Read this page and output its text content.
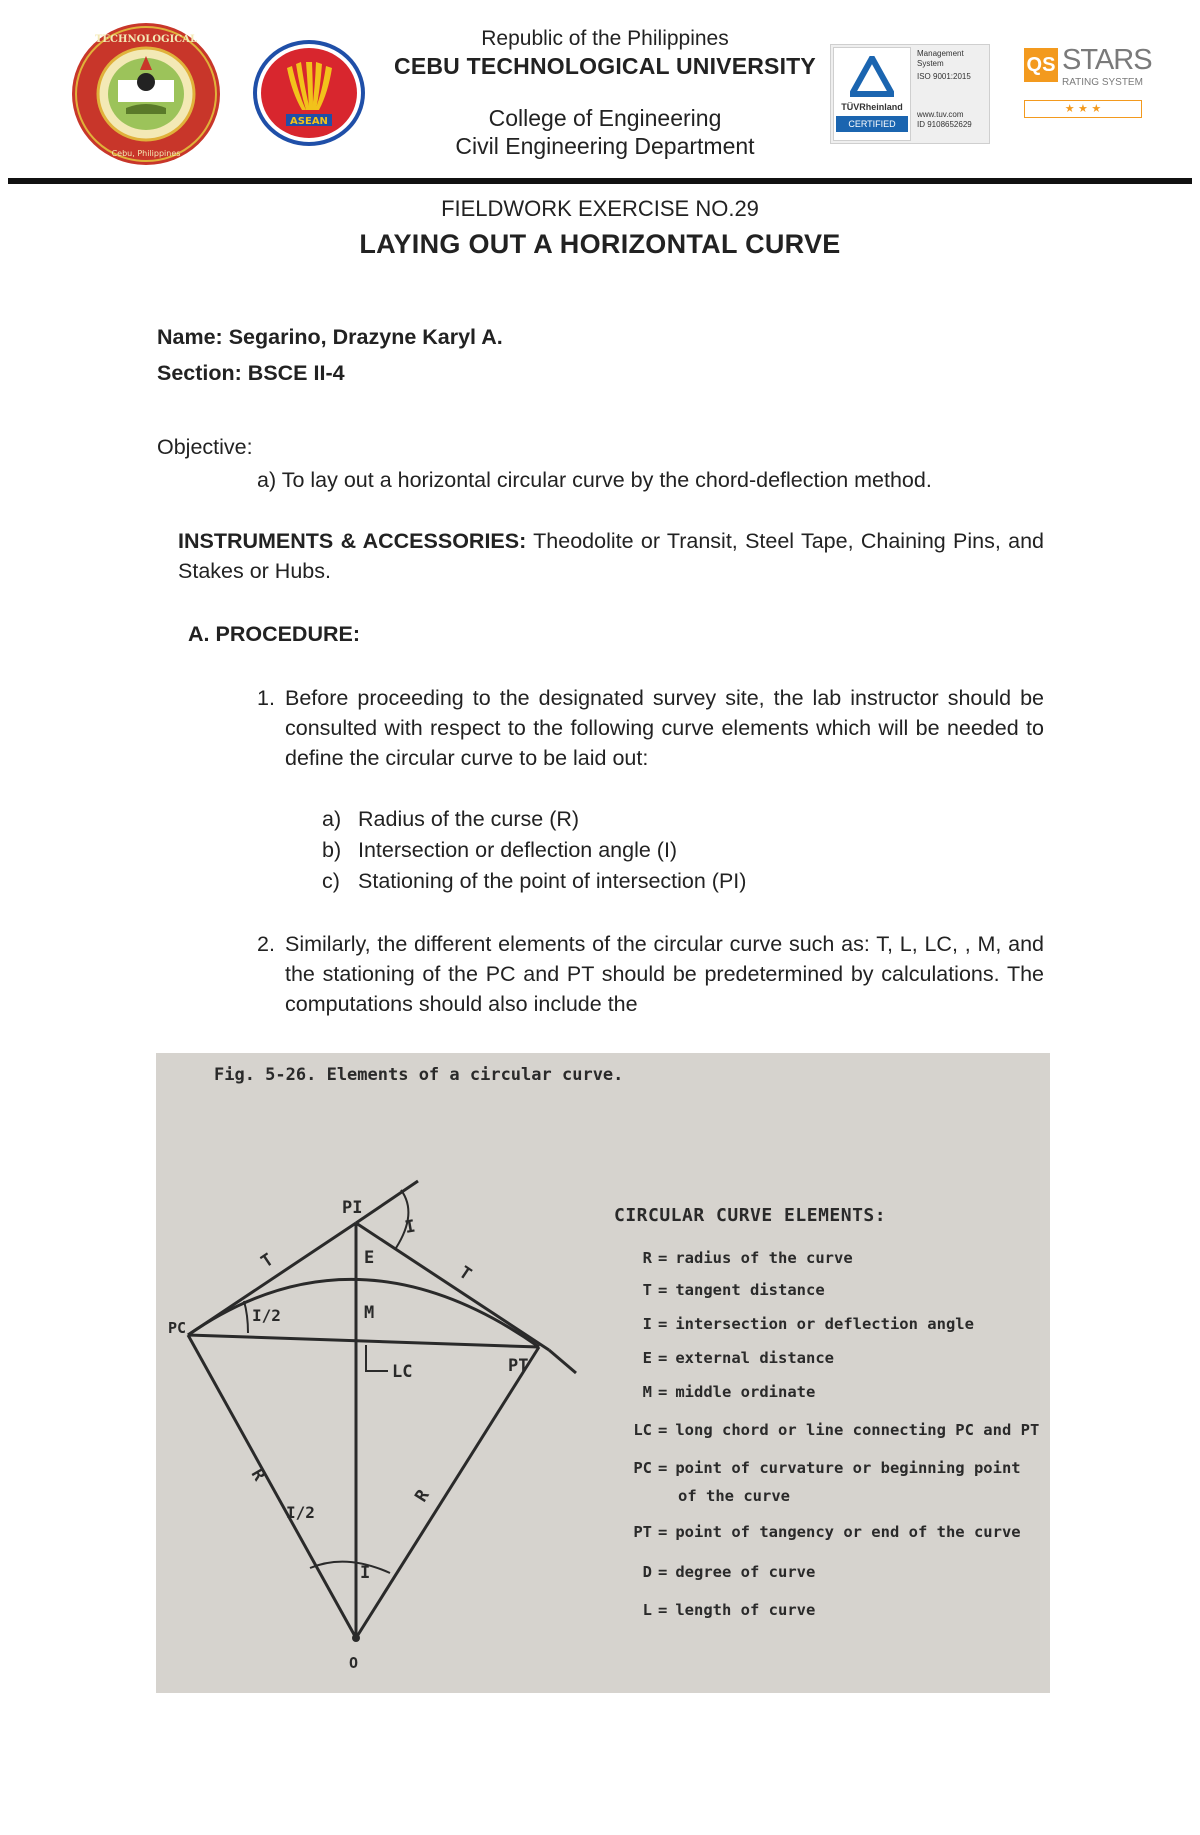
TECHNOLOGICAL
Cebu, Philippines
ASEAN
Republic of the Philippines
CEBU TECHNOLOGICAL UNIVERSITY
College of Engineering
Civil Engineering Department
TÜVRheinland
CERTIFIED
Management
System
ISO 9001:2015
www.tuv.com
ID 9108652629
QS STARS
RATING SYSTEM
★ ★ ★
FIELDWORK EXERCISE NO.29
LAYING OUT A HORIZONTAL CURVE
Name: Segarino, Drazyne Karyl A.
Section: BSCE II-4
Objective:
a) To lay out a horizontal circular curve by the chord-deflection method.
INSTRUMENTS & ACCESSORIES: Theodolite or Transit, Steel Tape, Chaining Pins, and Stakes or Hubs.
A. PROCEDURE:
1. Before proceeding to the designated survey site, the lab instructor should be consulted with respect to the following curve elements which will be needed to define the circular curve to be laid out:
a) Radius of the curse (R)
b) Intersection or deflection angle (I)
c) Stationing of the point of intersection (PI)
2. Similarly, the different elements of the circular curve such as: T, L, LC, , M, and the stationing of the PC and PT should be predetermined by calculations. The computations should also include the
Fig. 5-26. Elements of a circular curve.
PI
PC
PT
O
E
M
LC
T
T
R
R
I
I
I/2
I/2
CIRCULAR CURVE ELEMENTS:
R = radius of the curve
T = tangent distance
I = intersection or deflection angle
E = external distance
M = middle ordinate
LC = long chord or line connecting PC and PT
PC = point of curvature or beginning point
of the curve
PT = point of tangency or end of the curve
D = degree of curve
L = length of curve
